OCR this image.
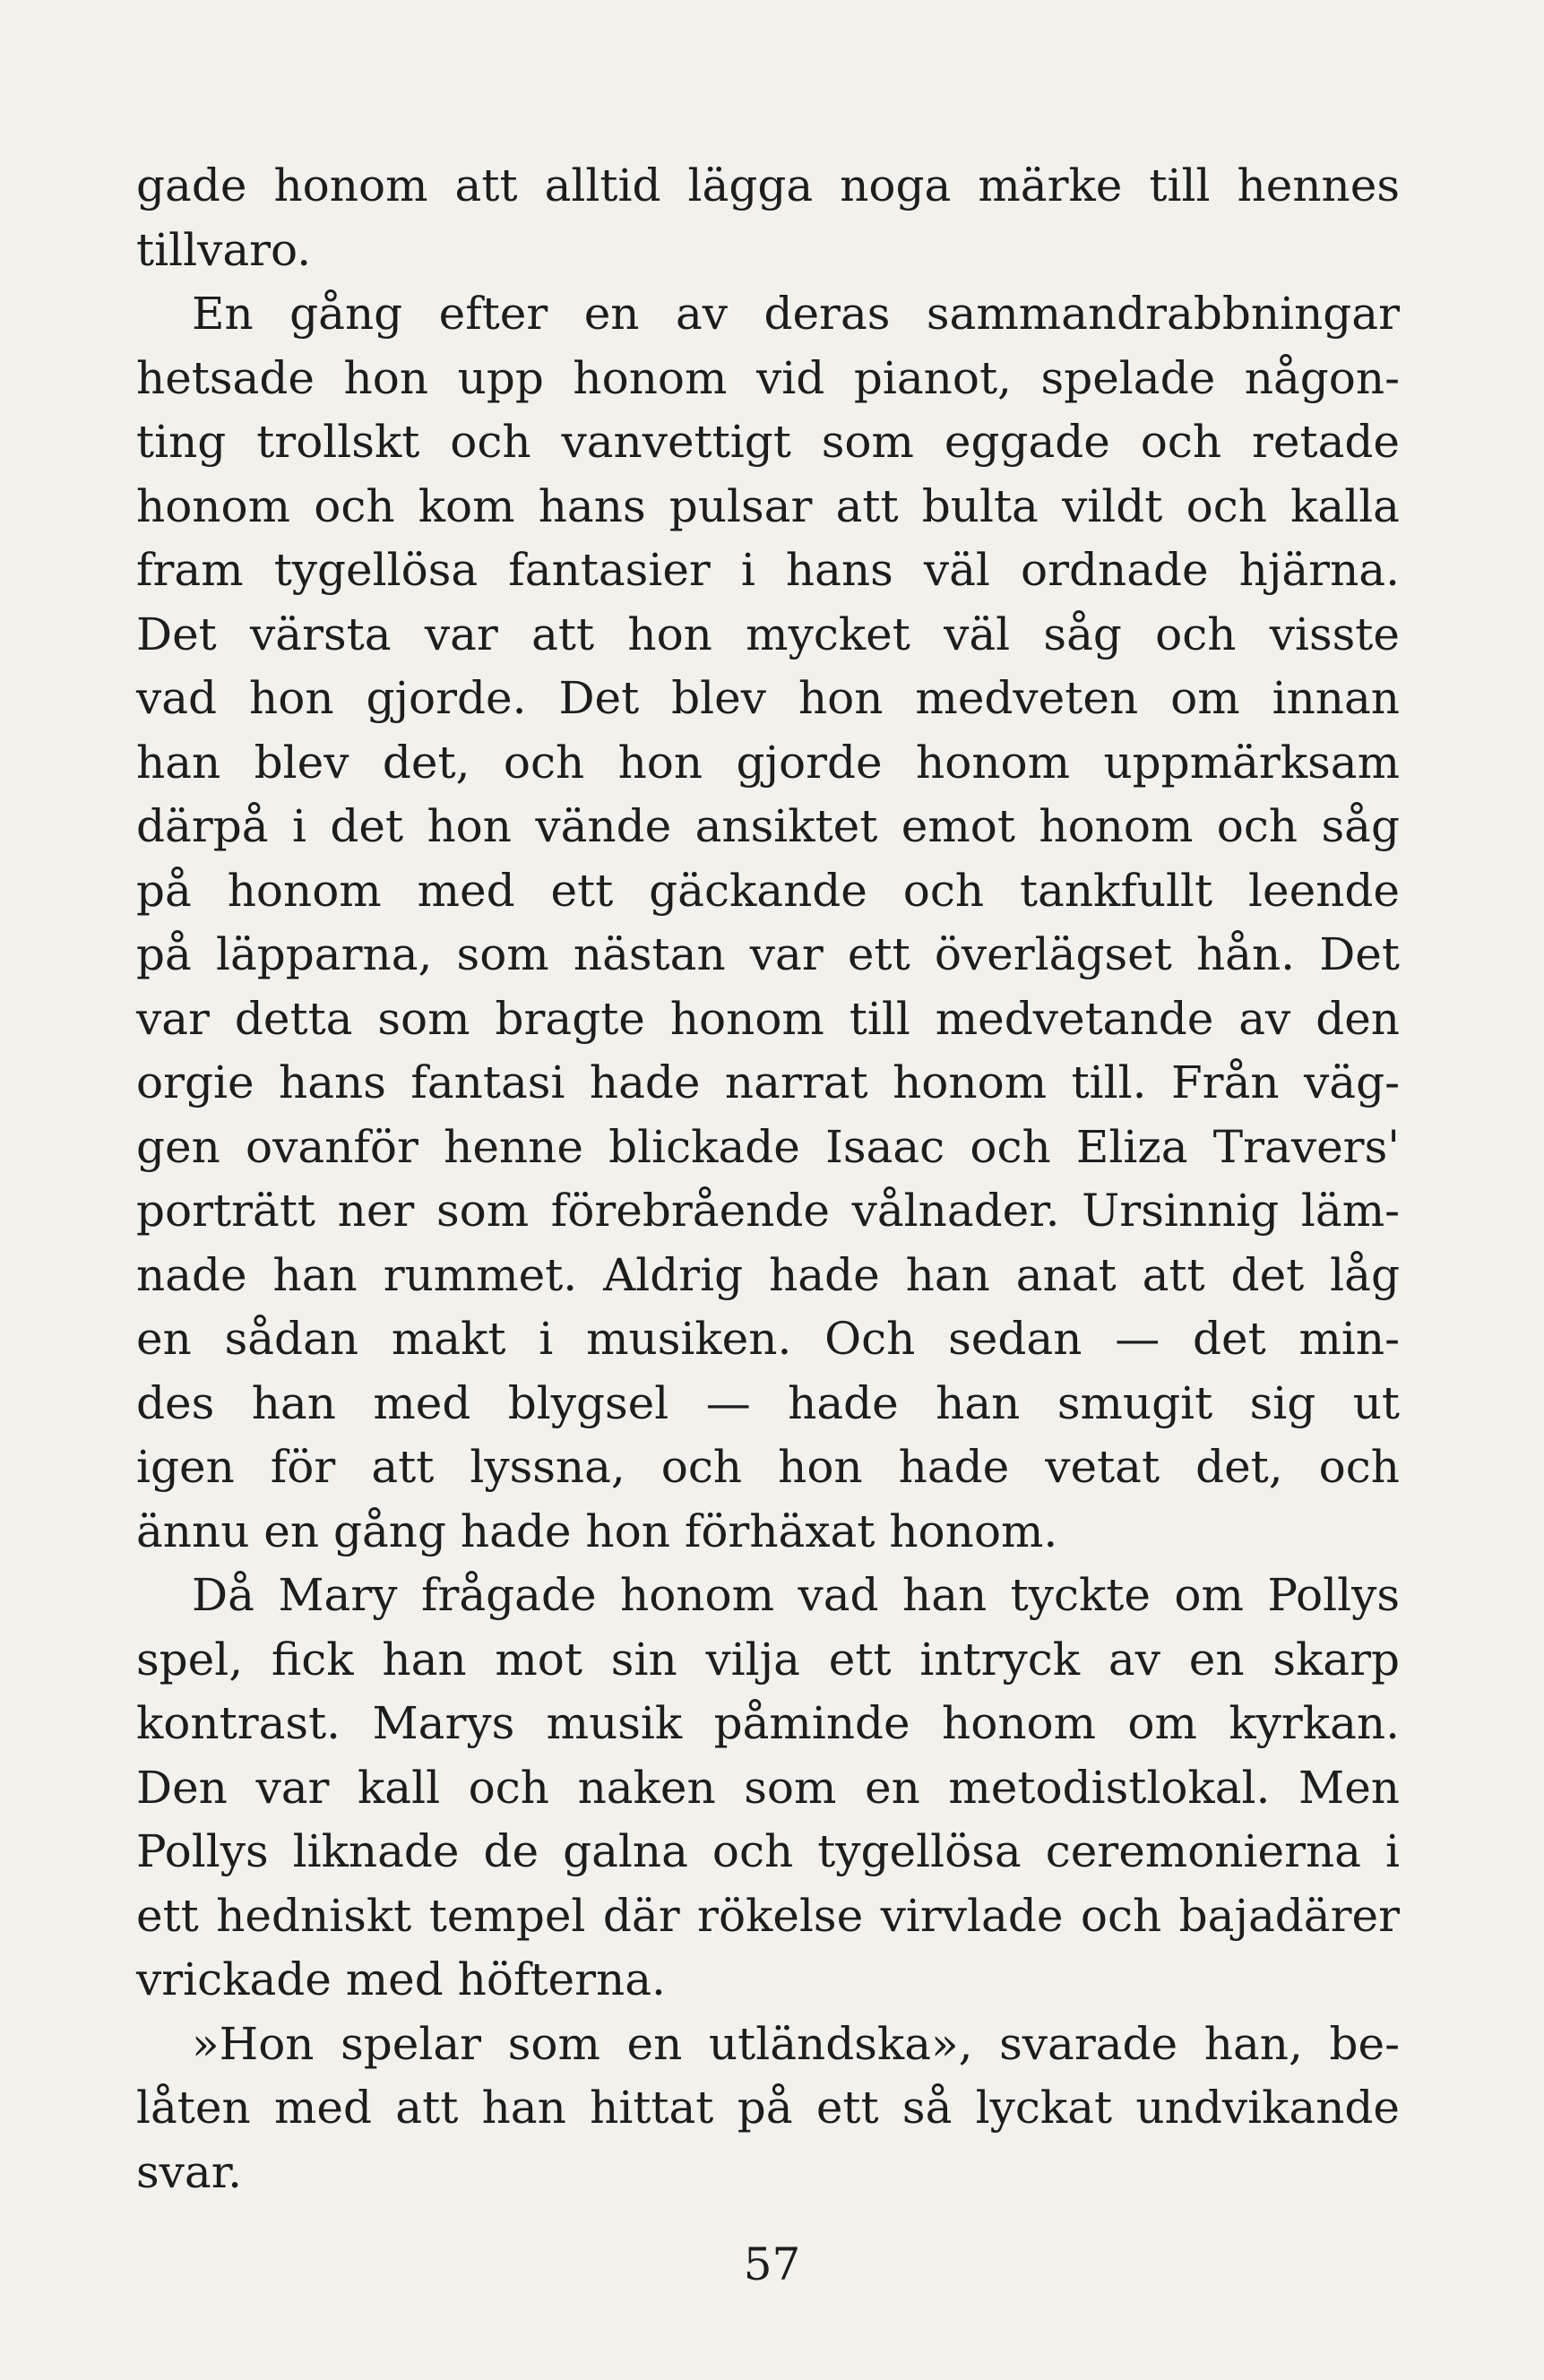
gade honom att alltid lägga noga märke till hennes
tillvaro.
En gång efter en av deras sammandrabbningar
hetsade hon upp honom vid pianot, spelade någon-
ting trollskt och vanvettigt som eggade och retade
honom och kom hans pulsar att bulta vildt och kalla
fram tygellösa fantasier i hans väl ordnade hjärna.
Det värsta var att hon mycket väl såg och visste
vad hon gjorde. Det blev hon medveten om innan
han blev det, och hon gjorde honom uppmärksam
därpå i det hon vände ansiktet emot honom och såg
på honom med ett gäckande och tankfullt leende
på läpparna, som nästan var ett överlägset hån. Det
var detta som bragte honom till medvetande av den
orgie hans fantasi hade narrat honom till. Från väg-
gen ovanför henne blickade Isaac och Eliza Travers'
porträtt ner som förebrående vålnader. Ursinnig läm-
nade han rummet. Aldrig hade han anat att det låg
en sådan makt i musiken. Och sedan — det min-
des han med blygsel — hade han smugit sig ut
igen för att lyssna, och hon hade vetat det, och
ännu en gång hade hon förhäxat honom.
Då Mary frågade honom vad han tyckte om Pollys
spel, fick han mot sin vilja ett intryck av en skarp
kontrast. Marys musik påminde honom om kyrkan.
Den var kall och naken som en metodistlokal. Men
Pollys liknade de galna och tygellösa ceremonierna i
ett hedniskt tempel där rökelse virvlade och bajadärer
vrickade med höfterna.
»Hon spelar som en utländska», svarade han, be-
låten med att han hittat på ett så lyckat undvikande
svar.
57
